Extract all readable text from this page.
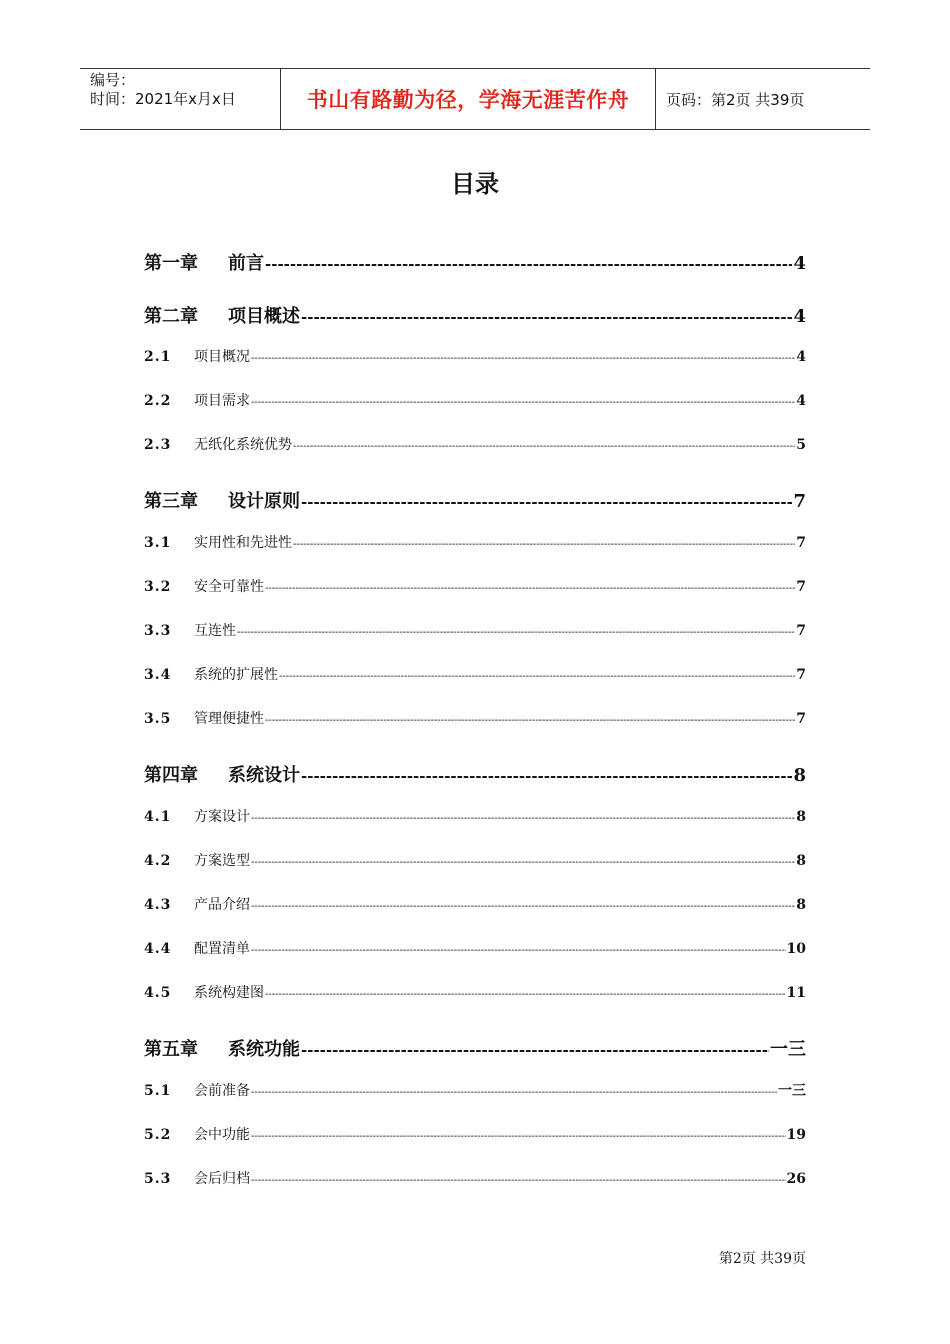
编号：
时间：2021年x月x日	书山有路勤为径，学海无涯苦作舟	页码：第2页 共39页
目录
第一章	前言 -----	4
第二章	项目概述 -----	4
2.1	项目概况 -----	4
2.2	项目需求 -----	4
2.3	无纸化系统优势 -----	5
第三章	设计原则 -----	7
3.1	实用性和先进性 -----	7
3.2	安全可靠性 -----	7
3.3	互连性 -----	7
3.4	系统的扩展性 -----	7
3.5	管理便捷性 -----	7
第四章	系统设计 -----	8
4.1	方案设计 -----	8
4.2	方案选型 -----	8
4.3	产品介绍 -----	8
4.4	配置清单 -----	10
4.5	系统构建图 -----	11
第五章	系统功能 -----	一三
5.1	会前准备 -----	一三
5.2	会中功能 -----	19
5.3	会后归档 -----	26
第2页 共39页
